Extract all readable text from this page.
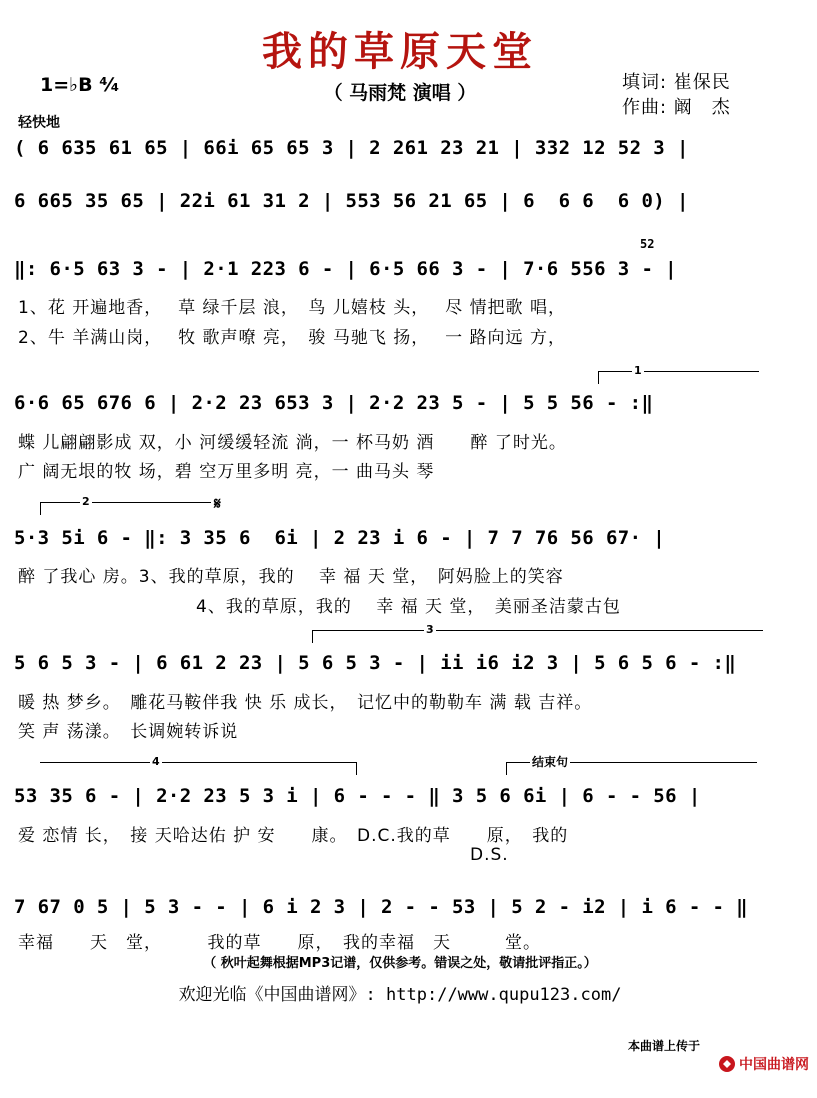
我的草原天堂
（ 马雨梵 演唱 ）	填词: 崔保民
作曲: 阚　杰
1=♭B ⁴⁄₄
轻快地
( 6 635 61 65 | 66i 65 65 3 | 2 261 23 21 | 332 12 52 3 |
6 665 35 65 | 22i 61 31 2 | 553 56 21 65 | 6  6 6  6 0) |
52
‖: 6·5 63 3 - | 2·1 223 6 - | 6·5 66 3 - | 7·6 556 3 - |
1、花 开遍地香，　 草 绿千层 浪，　鸟 儿嬉枝 头，　 尽 情把歌 唱，
2、牛 羊满山岗，　 牧 歌声嘹 亮，　骏 马驰飞 扬，　 一 路向远 方，
1
6·6 65 676 6 | 2·2 23 653 3 | 2·2 23 5 - | 5 5 56 - :‖
蝶 儿翩翩影成 双，小 河缓缓轻流 淌，一 杯马奶 酒　　醉 了时光。
广 阔无垠的牧 场，碧 空万里多明 亮，一 曲马头 琴
2	𝄋
5·3 5i 6 - ‖: 3 35 6  6i | 2 23 i 6 - | 7 7 76 56 67· |
醉 了我心 房。3、我的草原，我的　 幸 福 天 堂，　阿妈脸上的笑容
4、我的草原，我的　 幸 福 天 堂，　美丽圣洁蒙古包
3
5 6 5 3 - | 6 61 2 23 | 5 6 5 3 - | ii i6 i2 3 | 5 6 5 6 - :‖
暖 热 梦乡。　雕花马鞍伴我 快 乐 成长，　记忆中的勒勒车 满 载 吉祥。
笑 声 荡漾。　长调婉转诉说
4	结束句
53 35 6 - | 2·2 23 5 3 i | 6 - - - ‖ 3 5 6 6i | 6 - - 56 |
爱 恋情 长，　接 天哈达佑 护 安　　康。　D.C.我的草　　原，　我的
D.S.
7 67 0 5 | 5 3 - - | 6 i 2 3 | 2 - - 53 | 5 2 - i2 | i 6 - - ‖
幸福　　天　堂，　　　我的草　　原，　我的幸福　天　　　堂。
（ 秋叶起舞根据MP3记谱，仅供参考。错误之处，敬请批评指正。）
欢迎光临《中国曲谱网》: http://www.qupu123.com/
本曲谱上传于

中国曲谱网
